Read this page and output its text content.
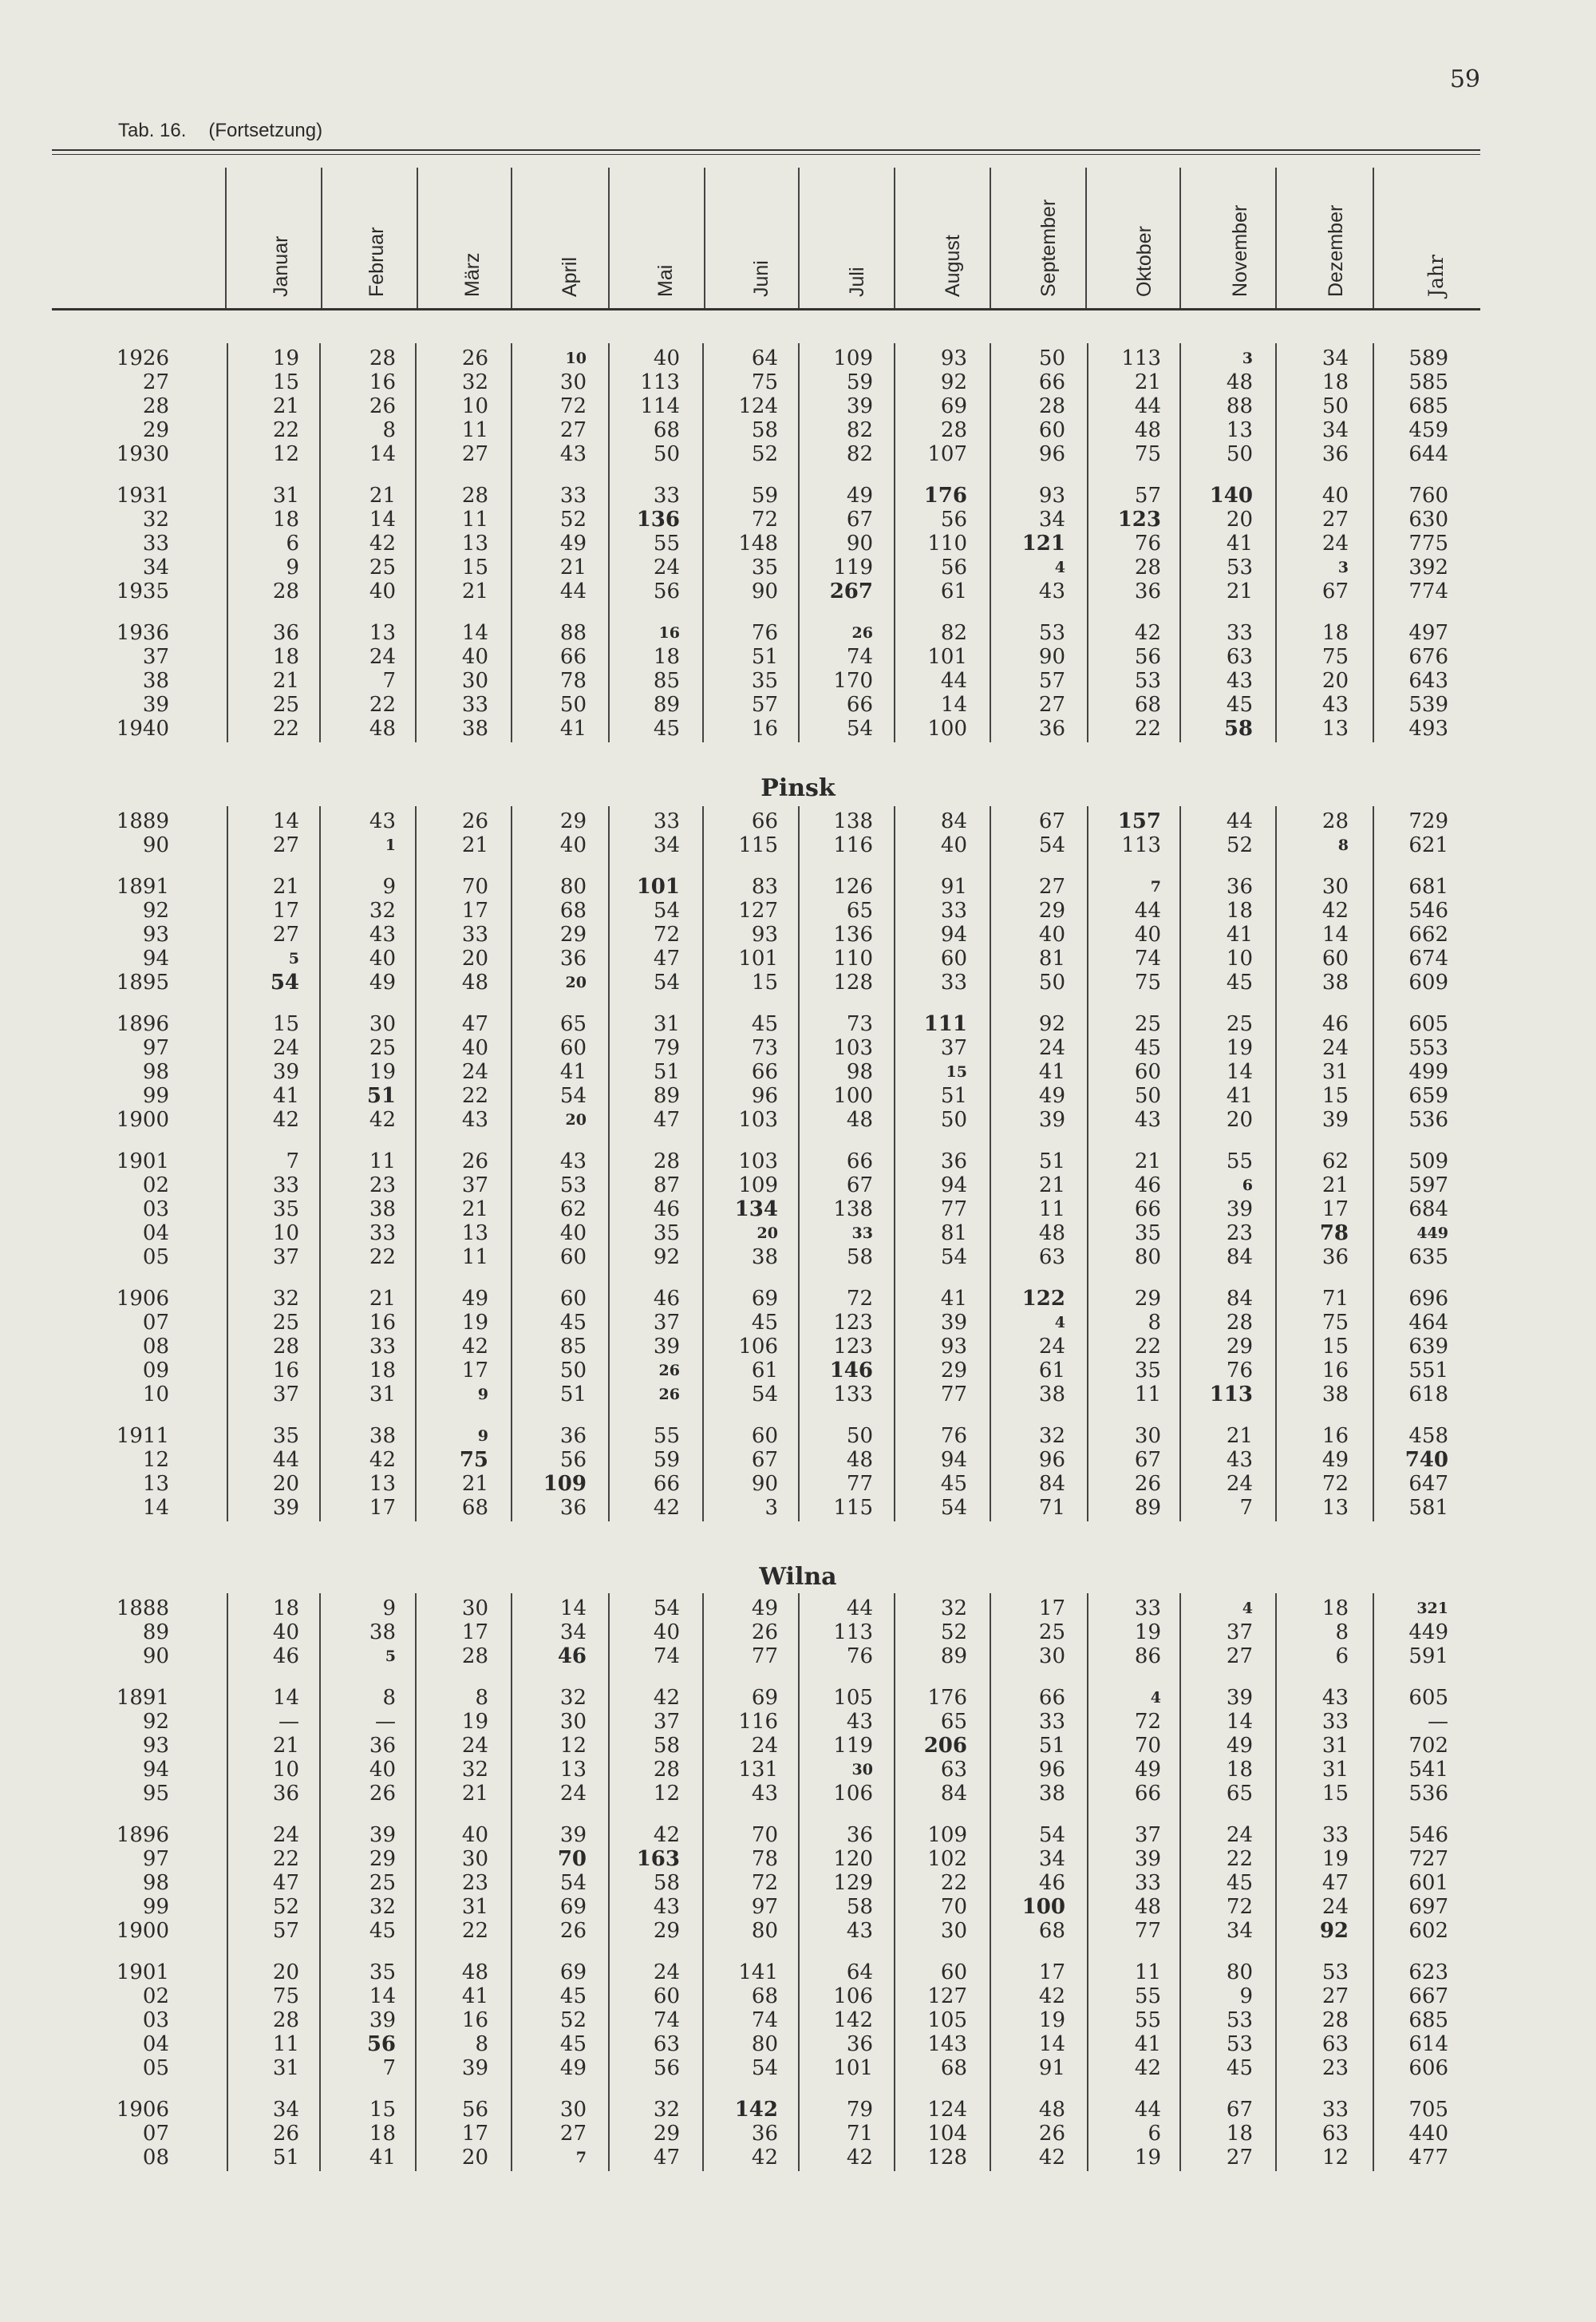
59
Tab. 16. (Fortsetzung)
Januar	Februar	März	April	Mai	Juni	Juli	August	September	Oktober	November	Dezember	Jahr
1926	19	28	26	10	40	64	109	93	50	113	3	34	589
27	15	16	32	30	113	75	59	92	66	21	48	18	585
28	21	26	10	72	114	124	39	69	28	44	88	50	685
29	22	8	11	27	68	58	82	28	60	48	13	34	459
1930	12	14	27	43	50	52	82	107	96	75	50	36	644
1931	31	21	28	33	33	59	49	176	93	57	140	40	760
32	18	14	11	52	136	72	67	56	34	123	20	27	630
33	6	42	13	49	55	148	90	110	121	76	41	24	775
34	9	25	15	21	24	35	119	56	4	28	53	3	392
1935	28	40	21	44	56	90	267	61	43	36	21	67	774
1936	36	13	14	88	16	76	26	82	53	42	33	18	497
37	18	24	40	66	18	51	74	101	90	56	63	75	676
38	21	7	30	78	85	35	170	44	57	53	43	20	643
39	25	22	33	50	89	57	66	14	27	68	45	43	539
1940	22	48	38	41	45	16	54	100	36	22	58	13	493
Pinsk
1889	14	43	26	29	33	66	138	84	67	157	44	28	729
90	27	1	21	40	34	115	116	40	54	113	52	8	621
1891	21	9	70	80	101	83	126	91	27	7	36	30	681
92	17	32	17	68	54	127	65	33	29	44	18	42	546
93	27	43	33	29	72	93	136	94	40	40	41	14	662
94	5	40	20	36	47	101	110	60	81	74	10	60	674
1895	54	49	48	20	54	15	128	33	50	75	45	38	609
1896	15	30	47	65	31	45	73	111	92	25	25	46	605
97	24	25	40	60	79	73	103	37	24	45	19	24	553
98	39	19	24	41	51	66	98	15	41	60	14	31	499
99	41	51	22	54	89	96	100	51	49	50	41	15	659
1900	42	42	43	20	47	103	48	50	39	43	20	39	536
1901	7	11	26	43	28	103	66	36	51	21	55	62	509
02	33	23	37	53	87	109	67	94	21	46	6	21	597
03	35	38	21	62	46	134	138	77	11	66	39	17	684
04	10	33	13	40	35	20	33	81	48	35	23	78	449
05	37	22	11	60	92	38	58	54	63	80	84	36	635
1906	32	21	49	60	46	69	72	41	122	29	84	71	696
07	25	16	19	45	37	45	123	39	4	8	28	75	464
08	28	33	42	85	39	106	123	93	24	22	29	15	639
09	16	18	17	50	26	61	146	29	61	35	76	16	551
10	37	31	9	51	26	54	133	77	38	11	113	38	618
1911	35	38	9	36	55	60	50	76	32	30	21	16	458
12	44	42	75	56	59	67	48	94	96	67	43	49	740
13	20	13	21	109	66	90	77	45	84	26	24	72	647
14	39	17	68	36	42	3	115	54	71	89	7	13	581
Wilna
1888	18	9	30	14	54	49	44	32	17	33	4	18	321
89	40	38	17	34	40	26	113	52	25	19	37	8	449
90	46	5	28	46	74	77	76	89	30	86	27	6	591
1891	14	8	8	32	42	69	105	176	66	4	39	43	605
92	—	—	19	30	37	116	43	65	33	72	14	33	—
93	21	36	24	12	58	24	119	206	51	70	49	31	702
94	10	40	32	13	28	131	30	63	96	49	18	31	541
95	36	26	21	24	12	43	106	84	38	66	65	15	536
1896	24	39	40	39	42	70	36	109	54	37	24	33	546
97	22	29	30	70	163	78	120	102	34	39	22	19	727
98	47	25	23	54	58	72	129	22	46	33	45	47	601
99	52	32	31	69	43	97	58	70	100	48	72	24	697
1900	57	45	22	26	29	80	43	30	68	77	34	92	602
1901	20	35	48	69	24	141	64	60	17	11	80	53	623
02	75	14	41	45	60	68	106	127	42	55	9	27	667
03	28	39	16	52	74	74	142	105	19	55	53	28	685
04	11	56	8	45	63	80	36	143	14	41	53	63	614
05	31	7	39	49	56	54	101	68	91	42	45	23	606
1906	34	15	56	30	32	142	79	124	48	44	67	33	705
07	26	18	17	27	29	36	71	104	26	6	18	63	440
08	51	41	20	7	47	42	42	128	42	19	27	12	477
